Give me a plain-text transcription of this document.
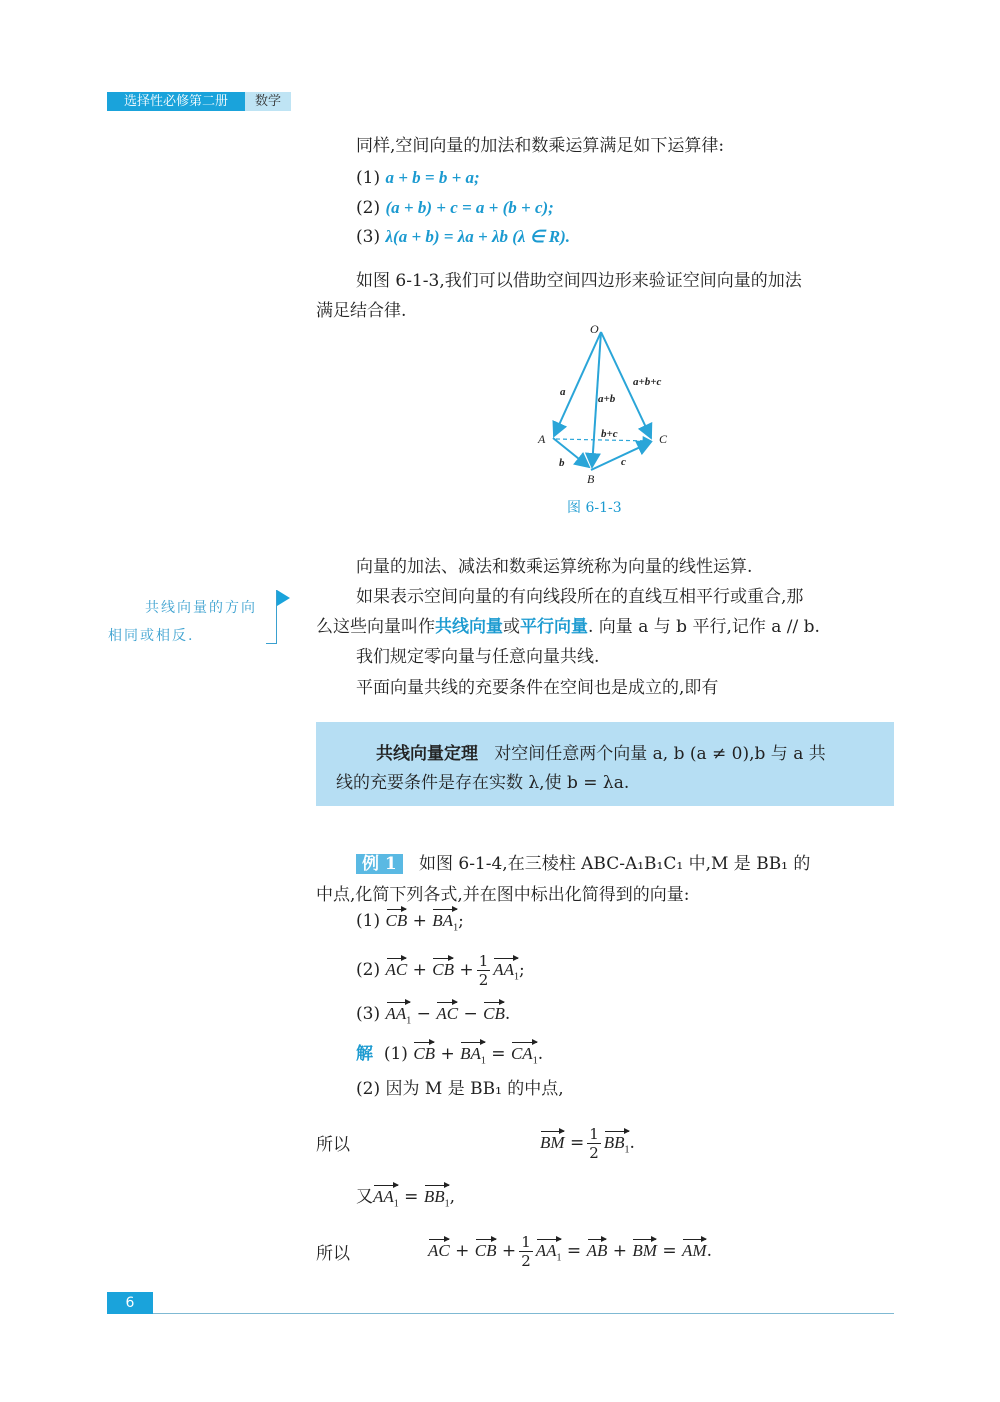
选择性必修第二册	数学
同样,空间向量的加法和数乘运算满足如下运算律:
(1) a + b = b + a;
(2) (a + b) + c = a + (b + c);
(3) λ(a + b) = λa + λb (λ ∈ R).
如图 6-1-3,我们可以借助空间四边形来验证空间向量的加法
满足结合律.
O
A
B
C
a
a+b
a+b+c
b+c
b	c
图 6-1-3
向量的加法、减法和数乘运算统称为向量的线性运算.
如果表示空间向量的有向线段所在的直线互相平行或重合,那
么这些向量叫作共线向量或平行向量. 向量 a 与 b 平行,记作 a // b.
我们规定零向量与任意向量共线.
平面向量共线的充要条件在空间也是成立的,即有
共线向量的方向
相同或相反.
共线向量定理 对空间任意两个向量 a, b (a ≠ 0),b 与 a 共
线的充要条件是存在实数 λ,使 b = λa.
例 1 如图 6-1-4,在三棱柱 ABC-A₁B₁C₁ 中,M 是 BB₁ 的
中点,化简下列各式,并在图中标出化简得到的向量:
(1) CB + $BA_1$;
(2) AC + CB + $\frac{1}{2} AA_1$;
(3) $AA_1$ − AC − CB.
解 (1) CB + $BA_1 = CA_1$.
(2) 因为 M 是 BB₁ 的中点,
所以	BM = $\frac{1}{2} BB_1$.
又$AA_1 = BB_1$,
所以	AC + CB + $\frac{1}{2} AA_1$ = AB + BM = AM.
6
